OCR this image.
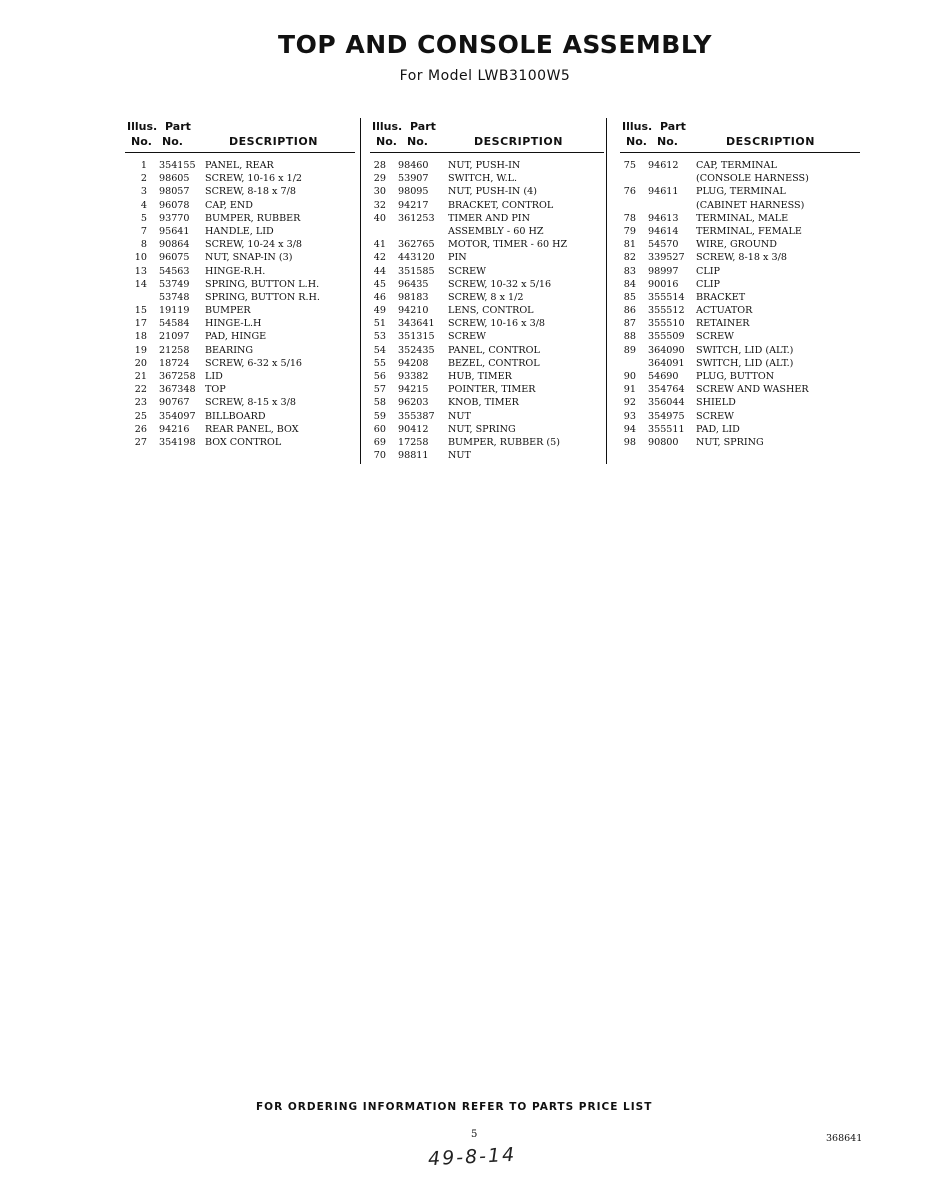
TOP AND CONSOLE ASSEMBLY
For Model LWB3100W5
Illus. Part
No. No.	DESCRIPTION
1	354155 PANEL, REAR
2	98605	SCREW, 10-16 x 1/2
3	98057	SCREW, 8-18 x 7/8
4	96078	CAP, END
5	93770	BUMPER, RUBBER
7	95641	HANDLE, LID
8	90864	SCREW, 10-24 x 3/8
10	96075	NUT, SNAP-IN (3)
13	54563	HINGE-R.H.
14	53749	SPRING, BUTTON L.H.
53748	SPRING, BUTTON R.H.
15	19119	BUMPER
17	54584	HINGE-L.H
18	21097	PAD, HINGE
19	21258	BEARING
20	18724	SCREW, 6-32 x 5/16
21	367258 LID
22	367348 TOP
23	90767	SCREW, 8-15 x 3/8
25	354097 BILLBOARD
26	94216	REAR PANEL, BOX
27	354198 BOX CONTROL
Illus. Part
No. No.	DESCRIPTION
28	98460	NUT, PUSH-IN
29	53907	SWITCH, W.L.
30	98095	NUT, PUSH-IN (4)
32	94217	BRACKET, CONTROL
40	361253	TIMER AND PIN
ASSEMBLY - 60 HZ
41	362765	MOTOR, TIMER - 60 HZ
42	443120	PIN
44	351585	SCREW
45	96435	SCREW, 10-32 x 5/16
46	98183	SCREW, 8 x 1/2
49	94210	LENS, CONTROL
51	343641	SCREW, 10-16 x 3/8
53	351315	SCREW
54	352435	PANEL, CONTROL
55	94208	BEZEL, CONTROL
56	93382	HUB, TIMER
57	94215	POINTER, TIMER
58	96203	KNOB, TIMER
59	355387	NUT
60	90412	NUT, SPRING
69	17258	BUMPER, RUBBER (5)
70	98811	NUT
Illus. Part
No. No.	DESCRIPTION
75	94612	CAP, TERMINAL
(CONSOLE HARNESS)
76	94611	PLUG, TERMINAL
(CABINET HARNESS)
78	94613	TERMINAL, MALE
79	94614	TERMINAL, FEMALE
81	54570	WIRE, GROUND
82	339527	SCREW, 8-18 x 3/8
83	98997	CLIP
84	90016	CLIP
85	355514	BRACKET
86	355512	ACTUATOR
87	355510	RETAINER
88	355509	SCREW
89	364090	SWITCH, LID (ALT.)
364091	SWITCH, LID (ALT.)
90	54690	PLUG, BUTTON
91	354764	SCREW AND WASHER
92	356044	SHIELD
93	354975	SCREW
94	355511	PAD, LID
98	90800	NUT, SPRING
FOR ORDERING INFORMATION REFER TO PARTS PRICE LIST
5
49-8-14
368641
